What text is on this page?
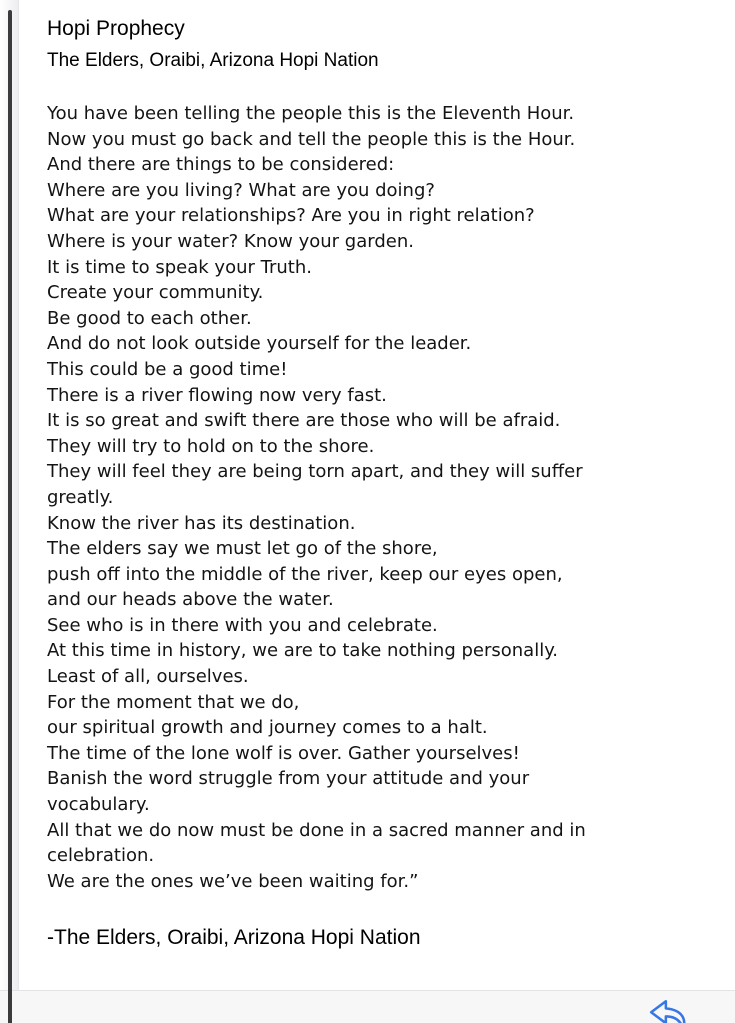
Hopi Prophecy
The Elders, Oraibi, Arizona Hopi Nation
You have been telling the people this is the Eleventh Hour.
Now you must go back and tell the people this is the Hour.
And there are things to be considered:
Where are you living? What are you doing?
What are your relationships? Are you in right relation?
Where is your water? Know your garden.
It is time to speak your Truth.
Create your community.
Be good to each other.
And do not look outside yourself for the leader.
This could be a good time!
There is a river flowing now very fast.
It is so great and swift there are those who will be afraid.
They will try to hold on to the shore.
They will feel they are being torn apart, and they will suffer
greatly.
Know the river has its destination.
The elders say we must let go of the shore,
push off into the middle of the river, keep our eyes open,
and our heads above the water.
See who is in there with you and celebrate.
At this time in history, we are to take nothing personally.
Least of all, ourselves.
For the moment that we do,
our spiritual growth and journey comes to a halt.
The time of the lone wolf is over. Gather yourselves!
Banish the word struggle from your attitude and your
vocabulary.
All that we do now must be done in a sacred manner and in
celebration.
We are the ones we’ve been waiting for.”
-The Elders, Oraibi, Arizona Hopi Nation
